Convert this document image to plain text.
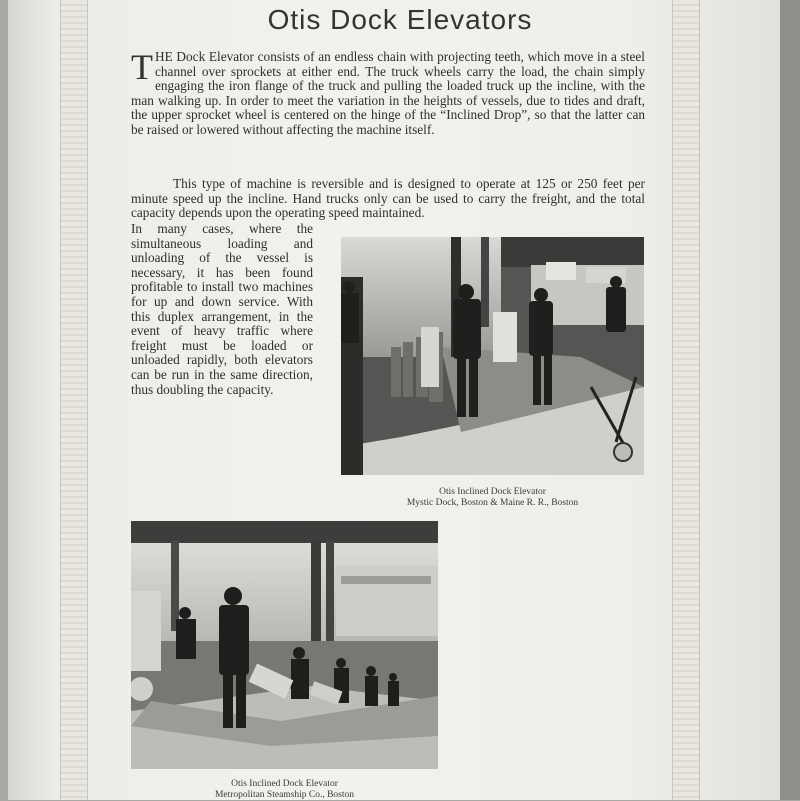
Otis Dock Elevators
THE Dock Elevator consists of an endless chain with projecting teeth, which move in a steel channel over sprockets at either end. The truck wheels carry the load, the chain simply engaging the iron flange of the truck and pulling the loaded truck up the incline, with the man walking up. In order to meet the variation in the heights of vessels, due to tides and draft, the upper sprocket wheel is centered on the hinge of the “Inclined Drop”, so that the latter can be raised or lowered without affecting the machine itself.
This type of machine is reversible and is designed to operate at 125 or 250 feet per minute speed up the incline. Hand trucks only can be used to carry the freight, and the total capacity depends upon the operating speed maintained.
In many cases, where the simultaneous loading and unloading of the vessel is necessary, it has been found profitable to install two machines for up and down service. With this duplex arrangement, in the event of heavy traffic where freight must be loaded or unloaded rapidly, both elevators can be run in the same direction, thus doubling the capacity.
Otis Inclined Dock Elevator
Mystic Dock, Boston & Maine R. R., Boston
Otis Inclined Dock Elevator
Metropolitan Steamship Co., Boston
